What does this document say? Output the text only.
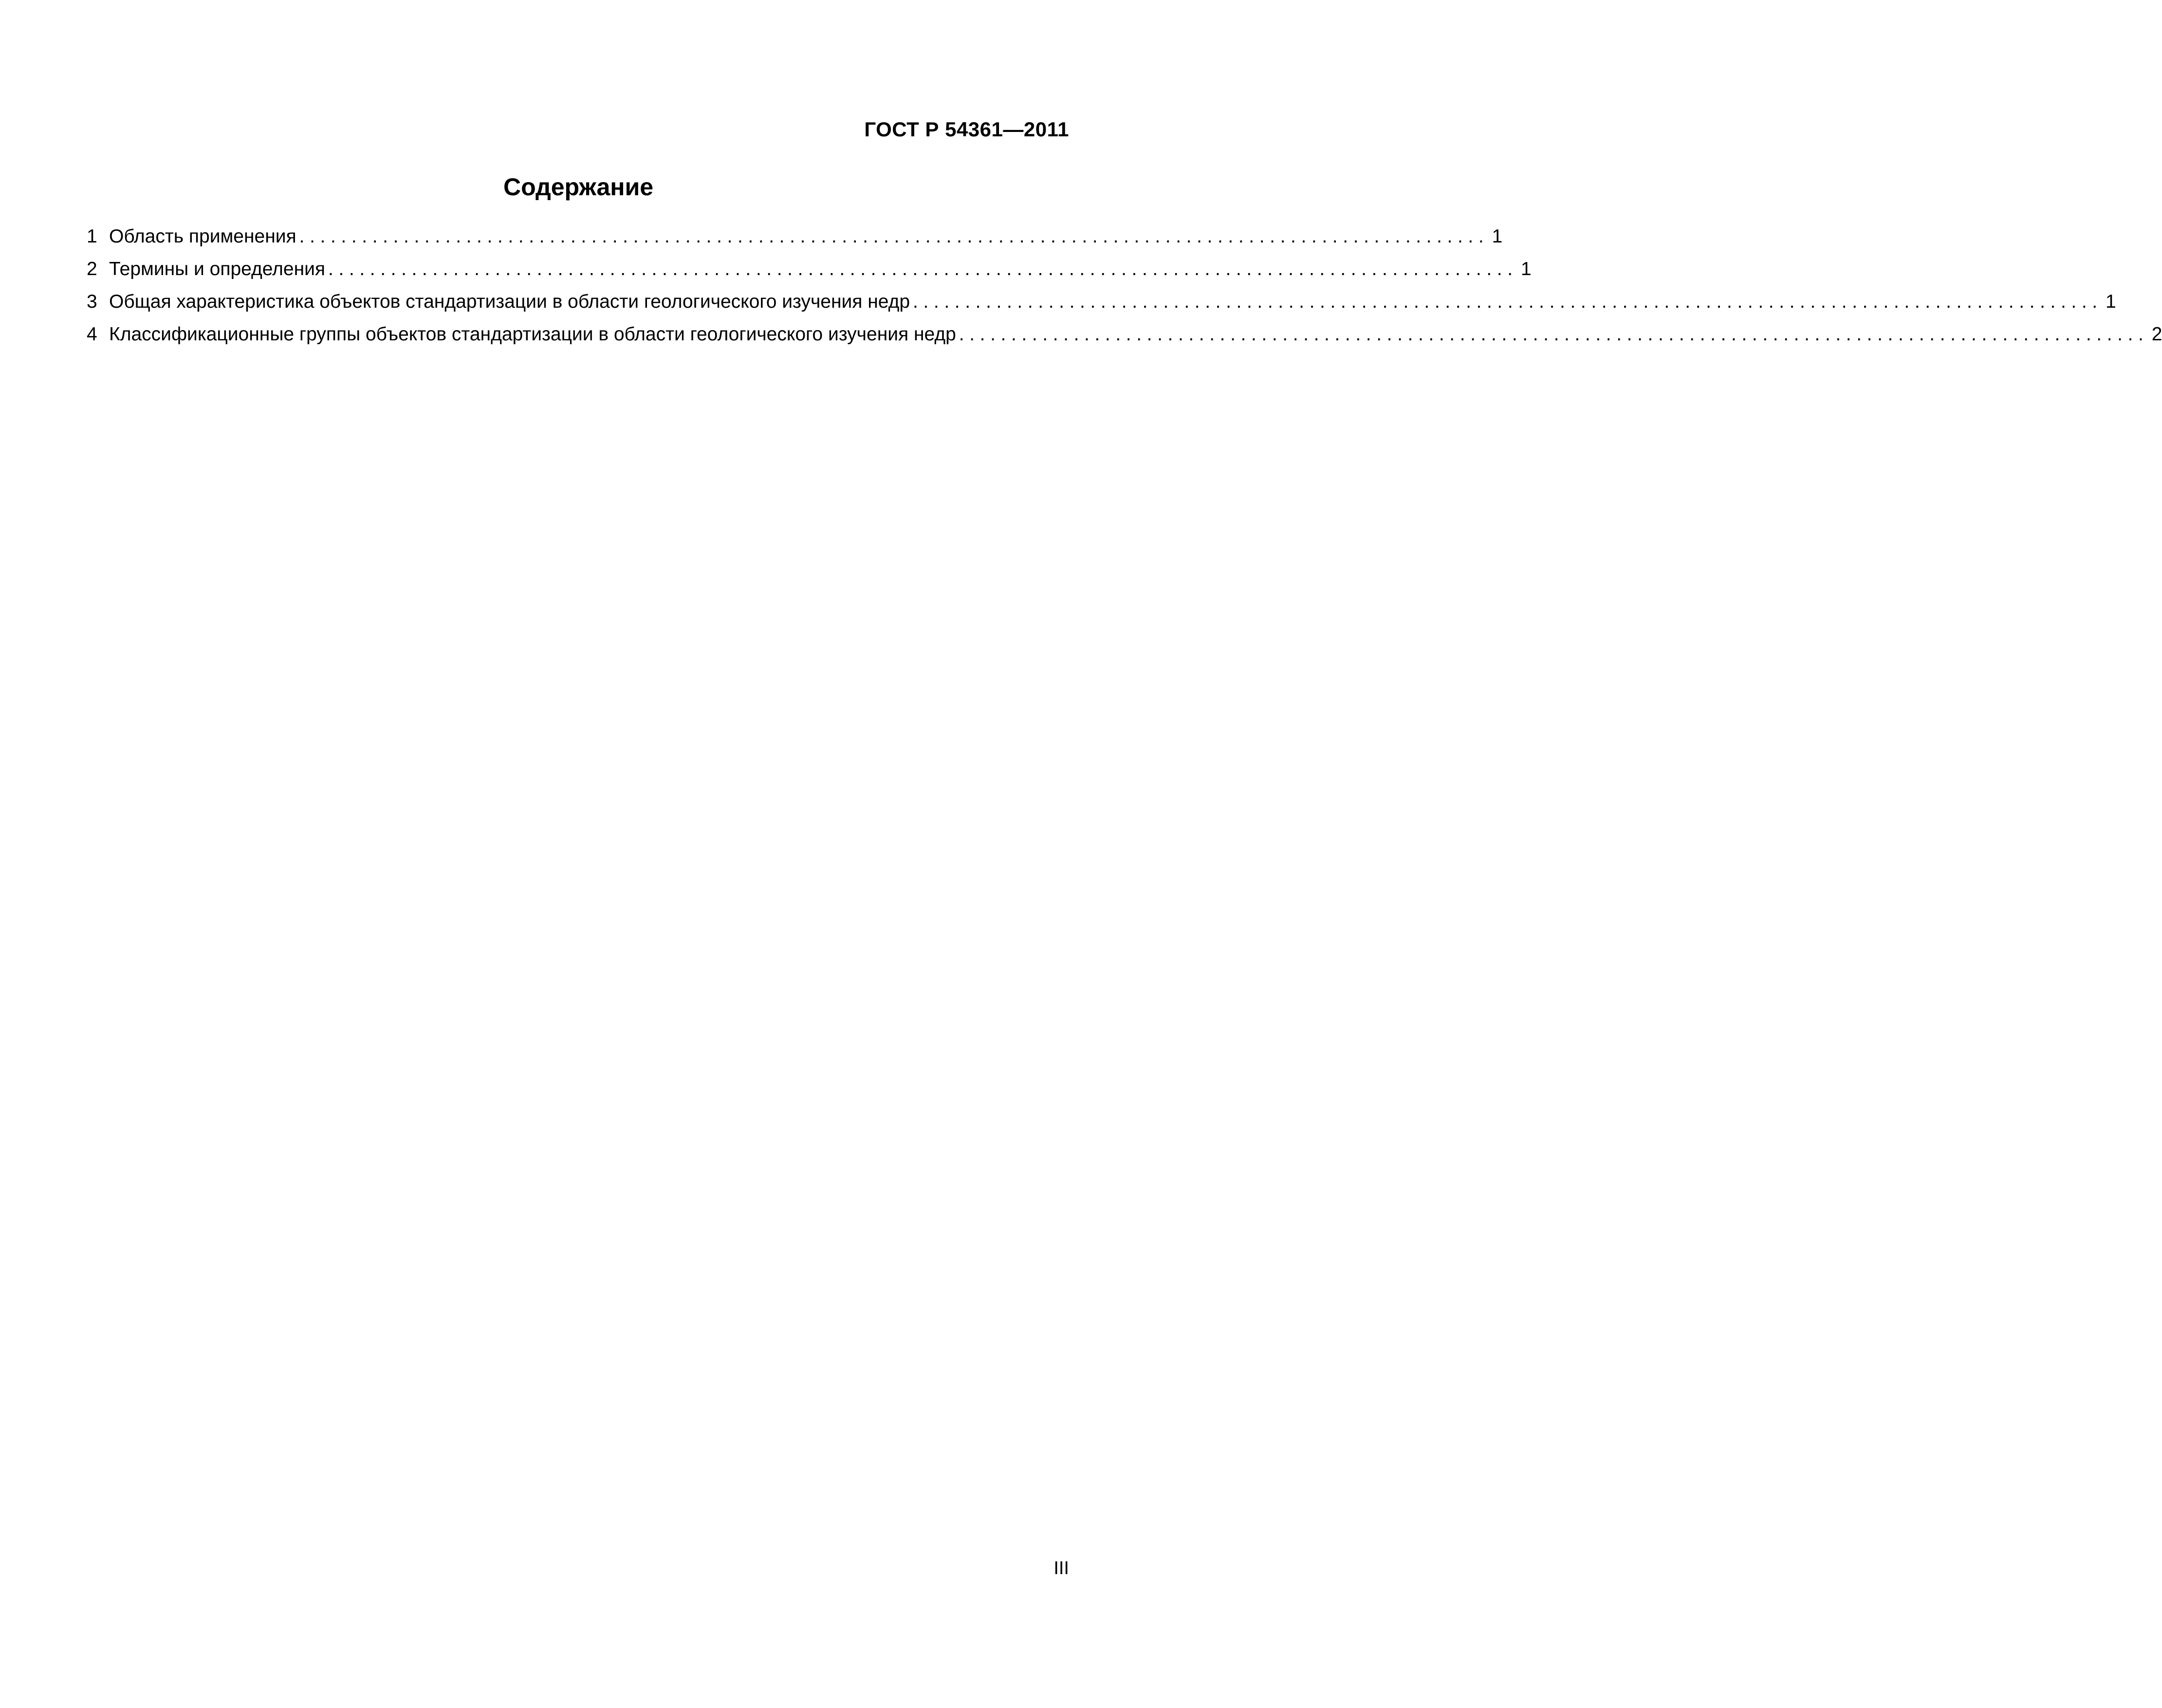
ГОСТ Р 54361—2011
Содержание
1 Область применения .................................................................................................................. 1
2 Термины и определения .................................................................................................................. 1
3 Общая характеристика объектов стандартизации в области геологического изучения недр .................................................................................................................. 1
4 Классификационные группы объектов стандартизации в области геологического изучения недр .................................................................................................................. 2
III
